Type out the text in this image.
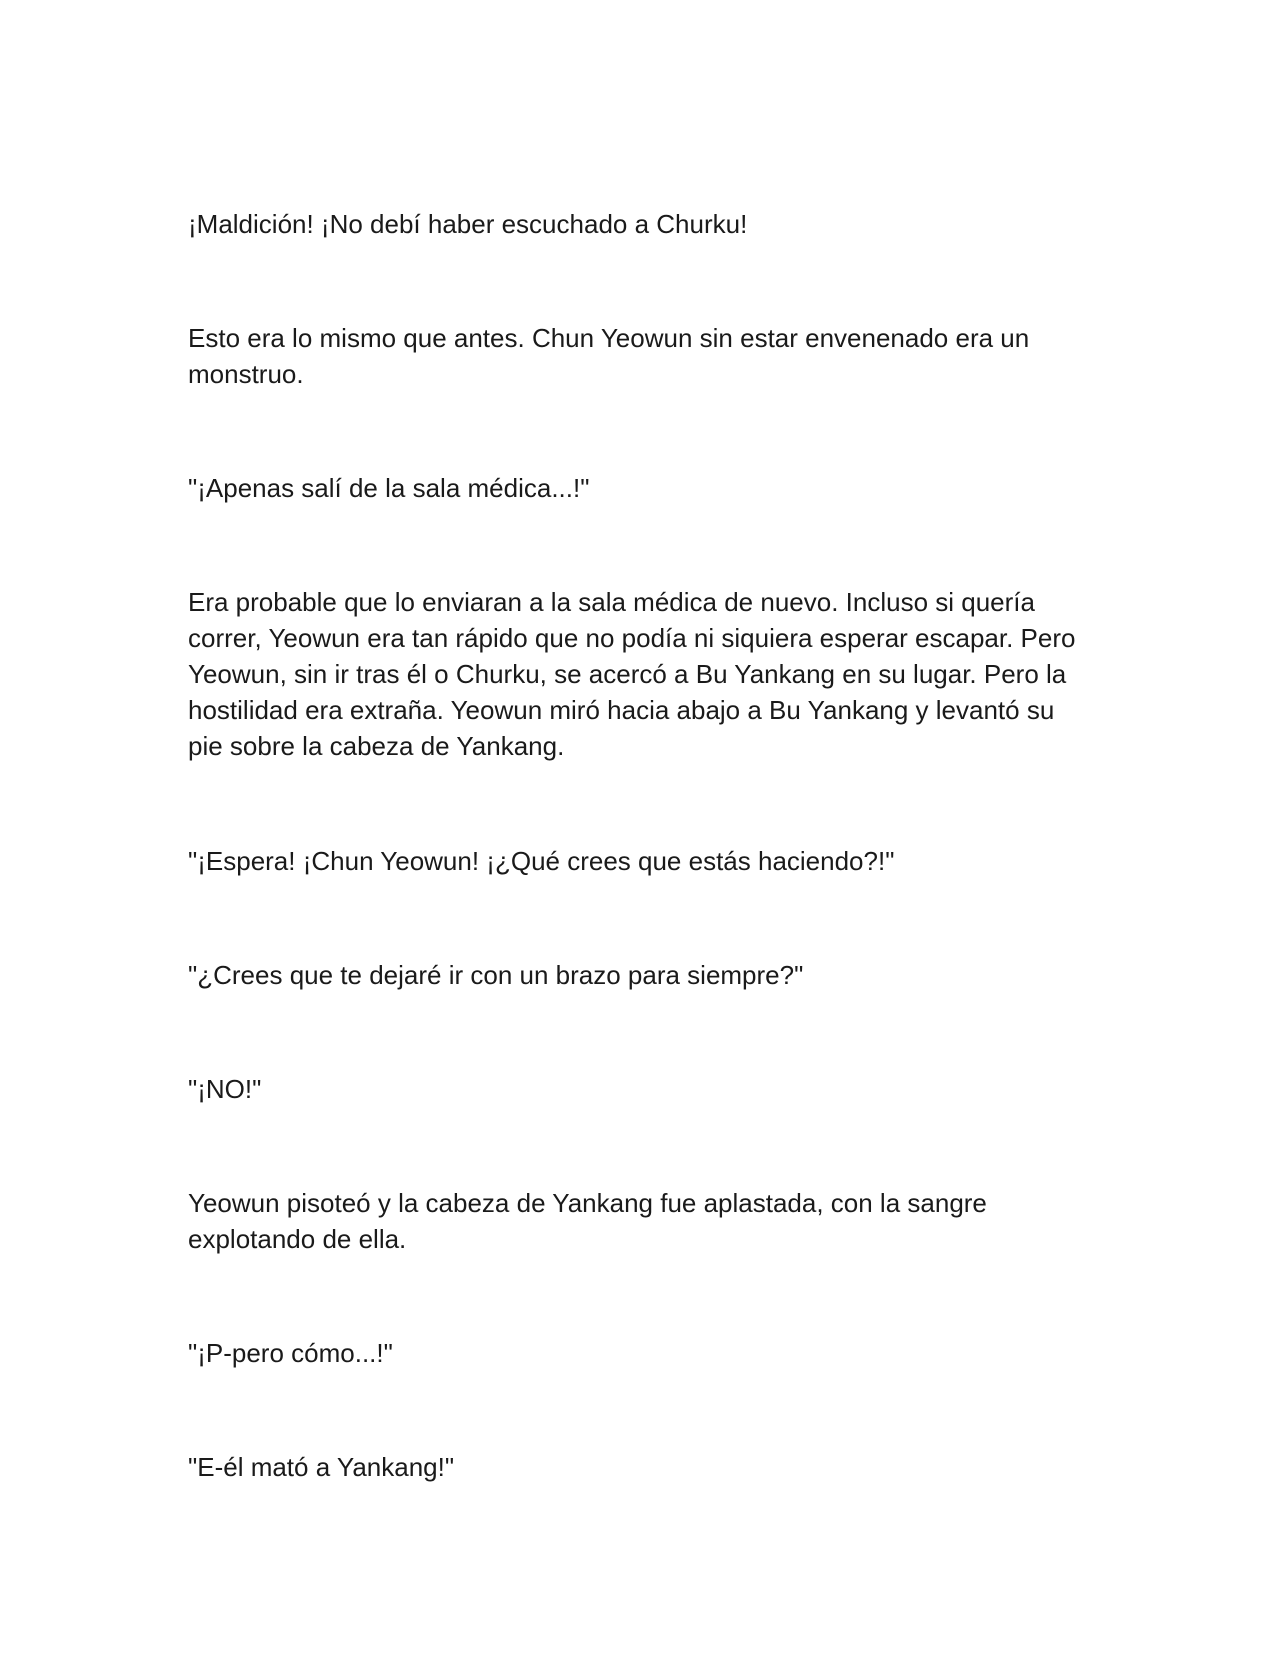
¡Maldición! ¡No debí haber escuchado a Churku!

Esto era lo mismo que antes. Chun Yeowun sin estar envenenado era un monstruo.

"¡Apenas salí de la sala médica...!"

Era probable que lo enviaran a la sala médica de nuevo. Incluso si quería correr, Yeowun era tan rápido que no podía ni siquiera esperar escapar. Pero Yeowun, sin ir tras él o Churku, se acercó a Bu Yankang en su lugar. Pero la hostilidad era extraña. Yeowun miró hacia abajo a Bu Yankang y levantó su pie sobre la cabeza de Yankang.

"¡Espera! ¡Chun Yeowun! ¡¿Qué crees que estás haciendo?!"

"¿Crees que te dejaré ir con un brazo para siempre?"

"¡NO!"

Yeowun pisoteó y la cabeza de Yankang fue aplastada, con la sangre explotando de ella.

"¡P-pero cómo...!"

"E-él mató a Yankang!"
